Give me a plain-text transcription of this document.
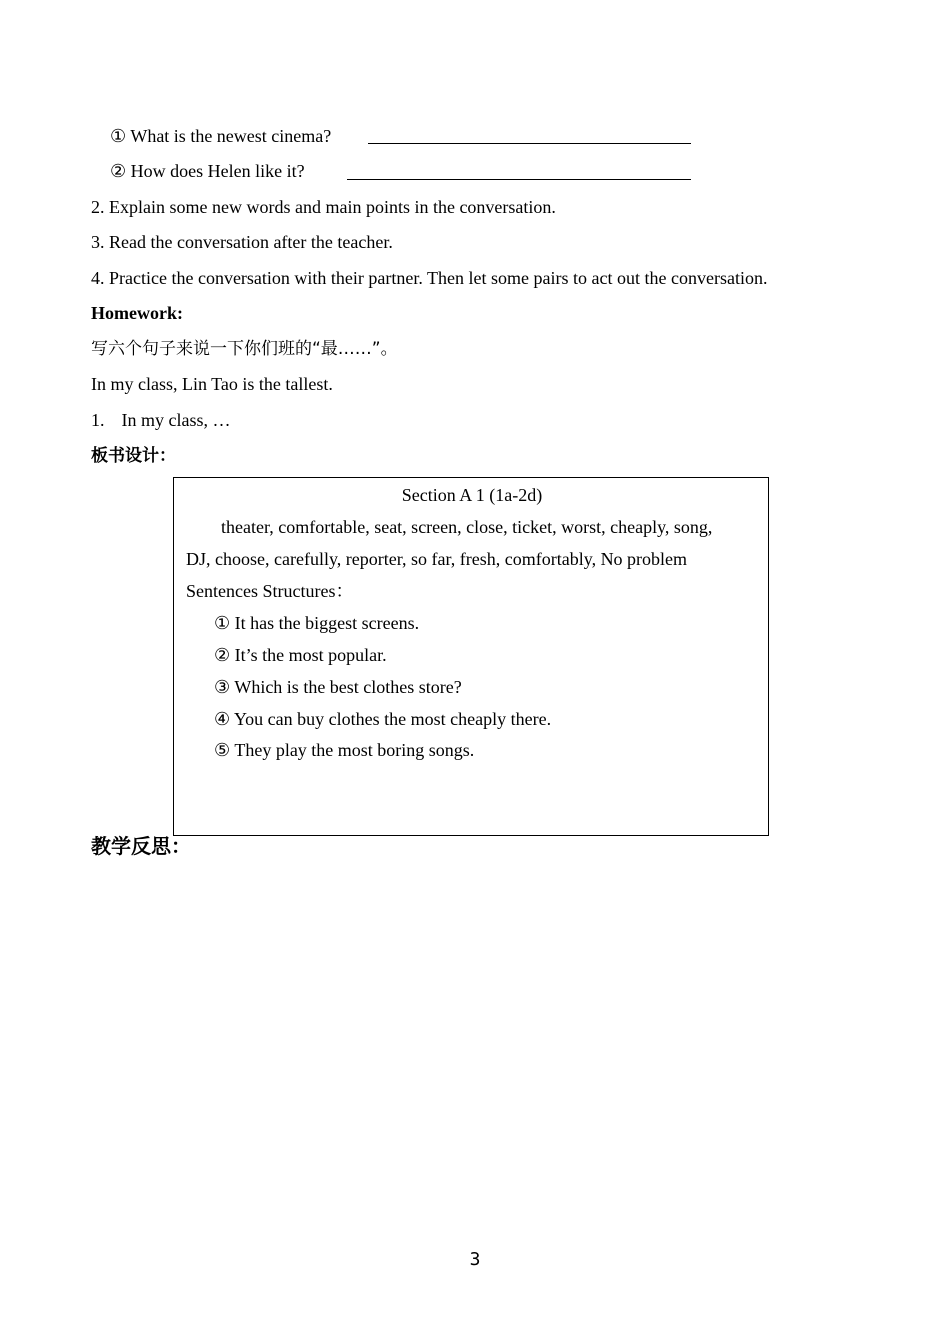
① What is the newest cinema?
② How does Helen like it?
2. Explain some new words and main points in the conversation.
3. Read the conversation after the teacher.
4. Practice the conversation with their partner. Then let some pairs to act out the conversation.
Homework:
写六个句子来说一下你们班的“最……”。
In my class, Lin Tao is the tallest.
1. In my class, …
板书设计：
Section A 1 (1a-2d)
theater, comfortable, seat, screen, close, ticket, worst, cheaply, song,
DJ, choose, carefully, reporter, so far, fresh, comfortably, No problem
Sentences Structures：
① It has the biggest screens.
② It’s the most popular.
③ Which is the best clothes store?
④ You can buy clothes the most cheaply there.
⑤ They play the most boring songs.
教学反思：
3
